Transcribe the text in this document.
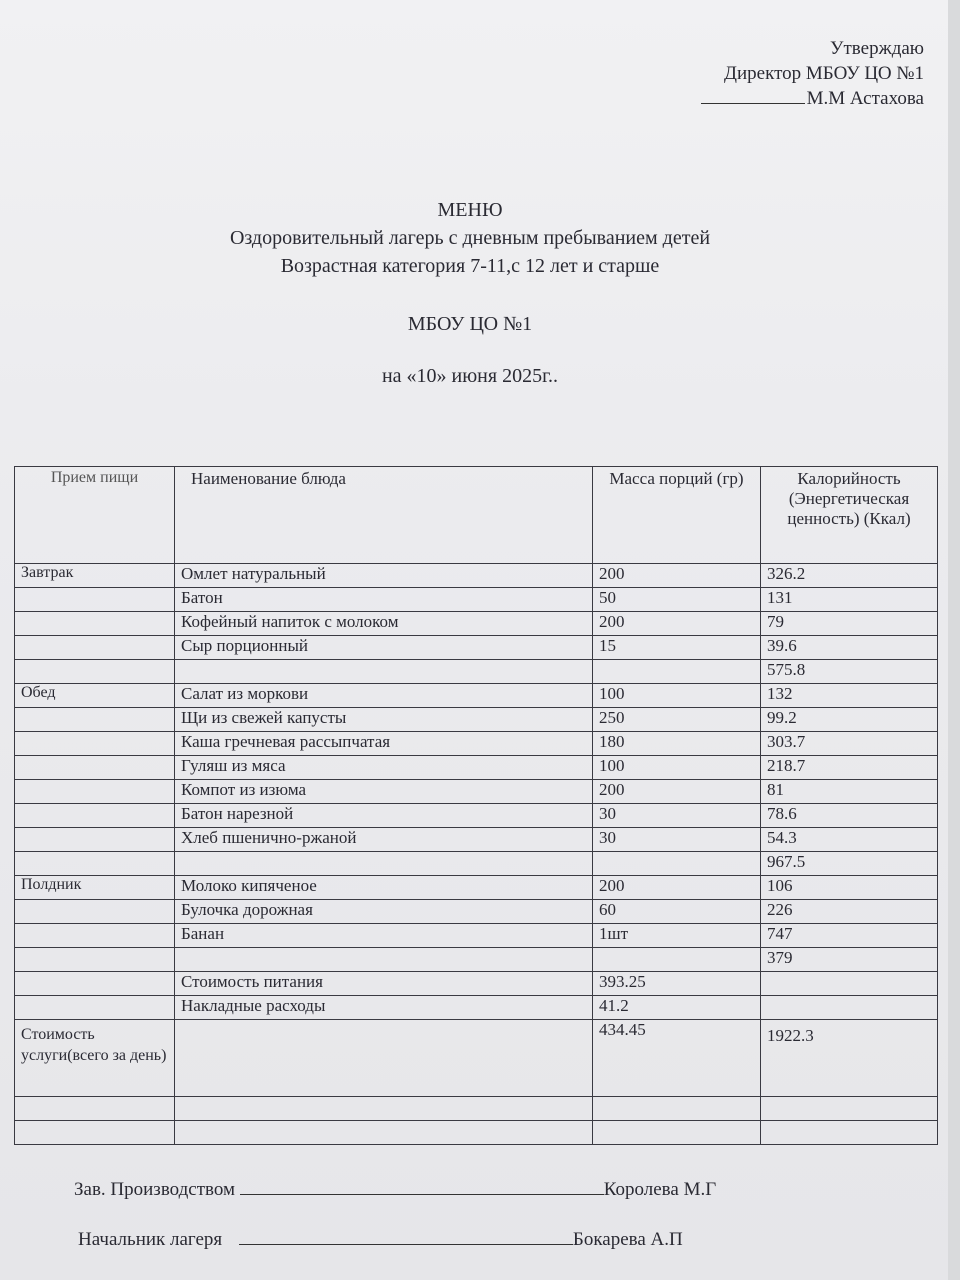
Утверждаю
Директор МБОУ ЦО №1
М.М Астахова
МЕНЮ
Оздоровительный лагерь с дневным пребыванием детей
Возрастная категория 7-11,с 12 лет и старше
МБОУ ЦО №1
на «10» июня 2025г..
Прием пищи	Наименование блюда	Масса порций (гр)	Калорийность (Энергетическая ценность) (Ккал)
Завтрак	Омлет натуральный	200	326.2
	Батон	50	131
	Кофейный напиток с молоком	200	79
	Сыр порционный	15	39.6
			575.8
Обед	Салат из моркови	100	132
	Щи из свежей капусты	250	99.2
	Каша гречневая рассыпчатая	180	303.7
	Гуляш из мяса	100	218.7
	Компот из изюма	200	81
	Батон нарезной	30	78.6
	Хлеб пшенично-ржаной	30	54.3
			967.5
Полдник	Молоко кипяченое	200	106
	Булочка дорожная	60	226
	Банан	1шт	747
			379
	Стоимость питания	393.25	
	Накладные расходы	41.2	
Стоимость услуги(всего за день)		434.45	1922.3

Зав. Производством	Королева М.Г
Начальник лагеря	Бокарева А.П
